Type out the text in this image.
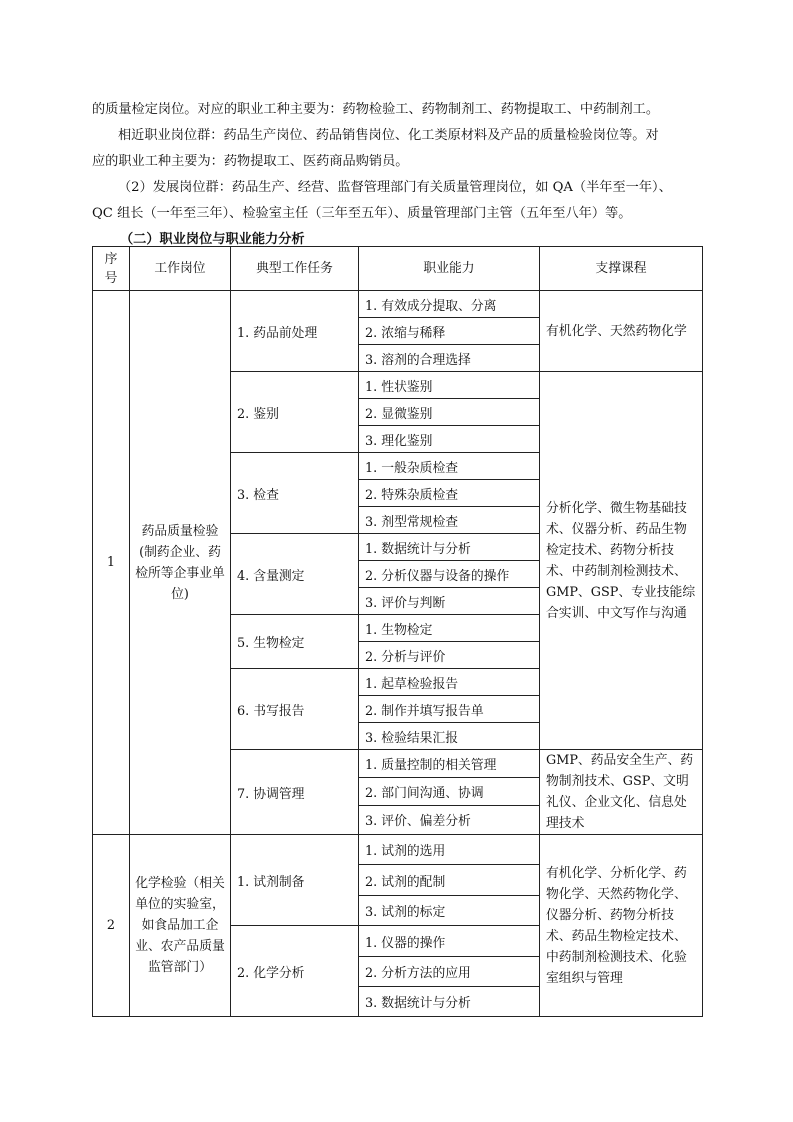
的质量检定岗位。对应的职业工种主要为：药物检验工、药物制剂工、药物提取工、中药制剂工。
相近职业岗位群：药品生产岗位、药品销售岗位、化工类原材料及产品的质量检验岗位等。对
应的职业工种主要为：药物提取工、医药商品购销员。
（2）发展岗位群：药品生产、经营、监督管理部门有关质量管理岗位，如 QA（半年至一年）、
QC 组长（一年至三年）、检验室主任（三年至五年）、质量管理部门主管（五年至八年）等。
（二）职业岗位与职业能力分析
序
号	工作岗位	典型工作任务	职业能力	支撑课程
1	药品质量检验(制药企业、药检所等企事业单位)	1. 药品前处理	1. 有效成分提取、分离	有机化学、天然药物化学
			2. 浓缩与稀释	
			3. 溶剂的合理选择	
		2. 鉴别	1. 性状鉴别	分析化学、微生物基础技术、仪器分析、药品生物检定技术、药物分析技术、中药制剂检测技术、GMP、GSP、专业技能综合实训、中文写作与沟通
			2. 显微鉴别	
			3. 理化鉴别	
		3. 检查	1. 一般杂质检查	
			2. 特殊杂质检查	
			3. 剂型常规检查	
		4. 含量测定	1. 数据统计与分析	
			2. 分析仪器与设备的操作	
			3. 评价与判断	
		5. 生物检定	1. 生物检定	
			2. 分析与评价	
		6. 书写报告	1. 起草检验报告	
			2. 制作并填写报告单	
			3. 检验结果汇报	
		7. 协调管理	1. 质量控制的相关管理	GMP、药品安全生产、药物制剂技术、GSP、文明礼仪、企业文化、信息处理技术
			2. 部门间沟通、协调	
			3. 评价、偏差分析	
2	化学检验（相关单位的实验室，如食品加工企业、农产品质量监管部门）	1. 试剂制备	1. 试剂的选用	有机化学、分析化学、药物化学、天然药物化学、仪器分析、药物分析技术、药品生物检定技术、中药制剂检测技术、化验室组织与管理
			2. 试剂的配制	
			3. 试剂的标定	
		2. 化学分析	1. 仪器的操作	
			2. 分析方法的应用	
			3. 数据统计与分析	
